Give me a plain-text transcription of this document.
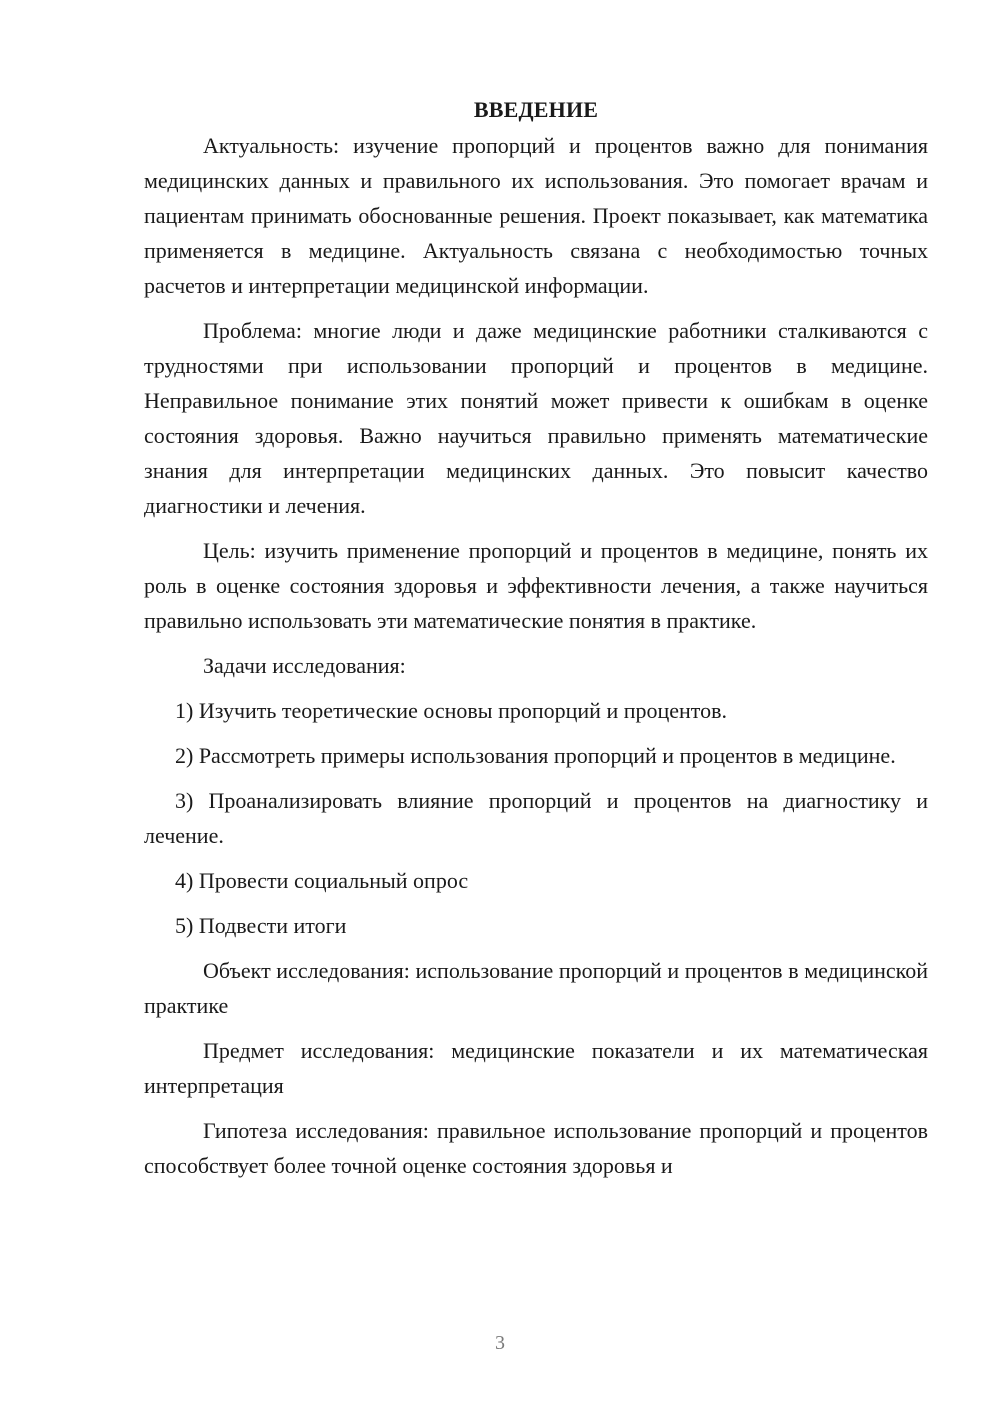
ВВЕДЕНИЕ

Актуальность: изучение пропорций и процентов важно для понимания медицинских данных и правильного их использования. Это помогает врачам и пациентам принимать обоснованные решения. Проект показывает, как математика применяется в медицине. Актуальность связана с необходимостью точных расчетов и интерпретации медицинской информации.

Проблема: многие люди и даже медицинские работники сталкиваются с трудностями при использовании пропорций и процентов в медицине. Неправильное понимание этих понятий может привести к ошибкам в оценке состояния здоровья. Важно научиться правильно применять математические знания для интерпретации медицинских данных. Это повысит качество диагностики и лечения.

Цель: изучить применение пропорций и процентов в медицине, понять их роль в оценке состояния здоровья и эффективности лечения, а также научиться правильно использовать эти математические понятия в практике.

Задачи исследования:

1) Изучить теоретические основы пропорций и процентов.

2) Рассмотреть примеры использования пропорций и процентов в медицине.

3) Проанализировать влияние пропорций и процентов на диагностику и лечение.

4) Провести социальный опрос

5) Подвести итоги

Объект исследования: использование пропорций и процентов в медицинской практике

Предмет исследования: медицинские показатели и их математическая интерпретация

Гипотеза исследования: правильное использование пропорций и процентов способствует более точной оценке состояния здоровья и

3
